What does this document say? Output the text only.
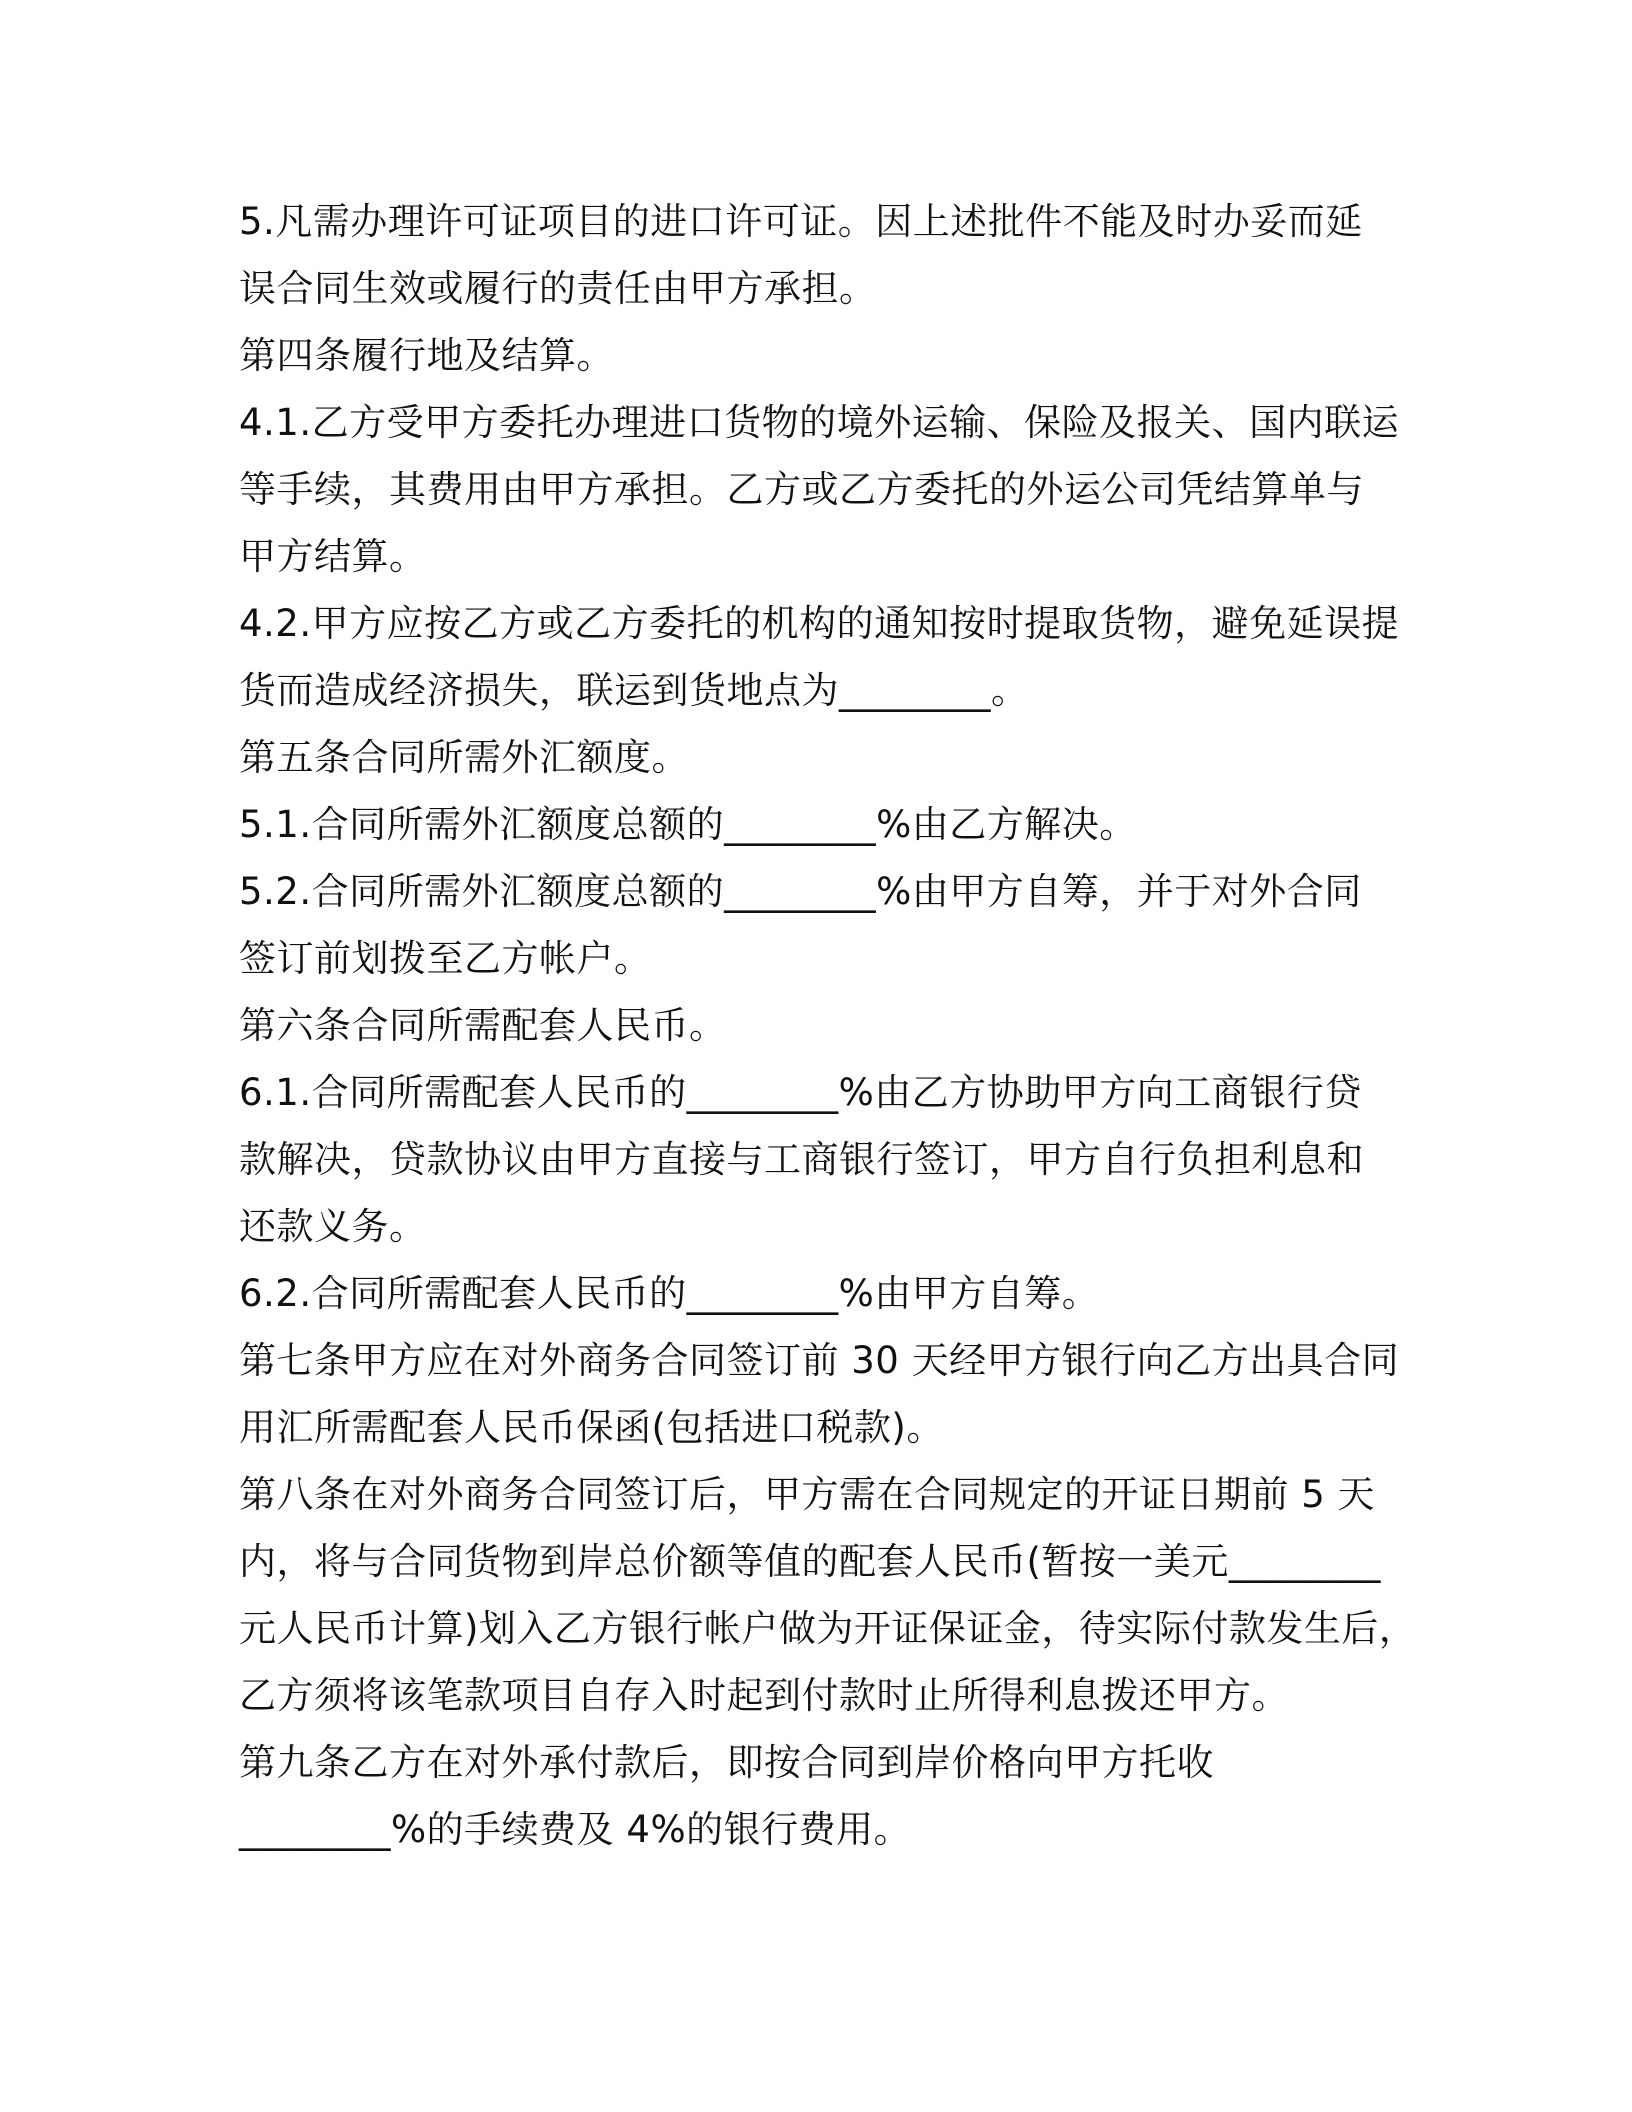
5.凡需办理许可证项目的进口许可证。因上述批件不能及时办妥而延
误合同生效或履行的责任由甲方承担。
第四条履行地及结算。
4.1.乙方受甲方委托办理进口货物的境外运输、保险及报关、国内联运
等手续，其费用由甲方承担。乙方或乙方委托的外运公司凭结算单与
甲方结算。
4.2.甲方应按乙方或乙方委托的机构的通知按时提取货物，避免延误提
货而造成经济损失，联运到货地点为________。
第五条合同所需外汇额度。
5.1.合同所需外汇额度总额的________%由乙方解决。
5.2.合同所需外汇额度总额的________%由甲方自筹，并于对外合同
签订前划拨至乙方帐户。
第六条合同所需配套人民币。
6.1.合同所需配套人民币的________%由乙方协助甲方向工商银行贷
款解决，贷款协议由甲方直接与工商银行签订，甲方自行负担利息和
还款义务。
6.2.合同所需配套人民币的________%由甲方自筹。
第七条甲方应在对外商务合同签订前 30 天经甲方银行向乙方出具合同
用汇所需配套人民币保函(包括进口税款)。
第八条在对外商务合同签订后，甲方需在合同规定的开证日期前 5 天
内，将与合同货物到岸总价额等值的配套人民币(暂按一美元________
元人民币计算)划入乙方银行帐户做为开证保证金，待实际付款发生后，
乙方须将该笔款项目自存入时起到付款时止所得利息拨还甲方。
第九条乙方在对外承付款后，即按合同到岸价格向甲方托收
________%的手续费及 4%的银行费用。
